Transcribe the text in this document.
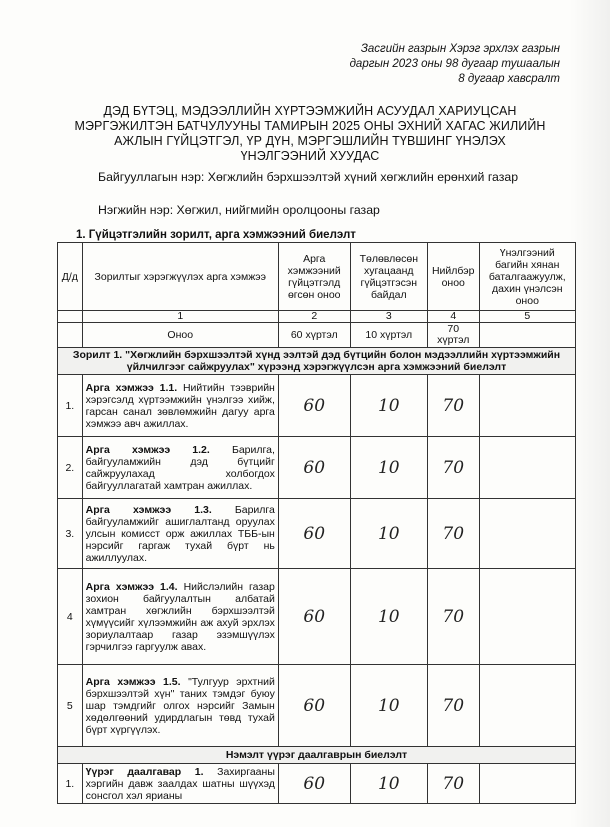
Засгийн газрын Хэрэг эрхлэх газрын
даргын 2023 оны 98 дугаар тушаалын
8 дугаар хавсралт
ДЭД БҮТЭЦ, МЭДЭЭЛЛИЙН ХҮРТЭЭМЖИЙН АСУУДАЛ ХАРИУЦСАН
МЭРГЭЖИЛТЭН БАТЧУЛУУНЫ ТАМИРЫН 2025 ОНЫ ЭХНИЙ ХАГАС ЖИЛИЙН
АЖЛЫН ГҮЙЦЭТГЭЛ, ҮР ДҮН, МЭРГЭШЛИЙН ТҮВШИНГ ҮНЭЛЭХ
ҮНЭЛГЭЭНИЙ ХУУДАС
Байгууллагын нэр: Хөгжлийн бэрхшээлтэй хүний хөгжлийн ерөнхий газар
Нэгжийн нэр: Хөгжил, нийгмийн оролцооны газар
1. Гүйцэтгэлийн зорилт, арга хэмжээний биелэлт
Д/д	Зорилтыг хэрэгжүүлэх арга хэмжээ	Арга хэмжээний гүйцэтгэлд өгсөн оноо	Төлөвлөсөн хугацаанд гүйцэтгэсэн байдал	Нийлбэр оноо	Үнэлгээний багийн хянан баталгаажуулж, дахин үнэлсэн оноо
	1	2	3	4	5
	Оноо	60 хүртэл	10 хүртэл	70 хүртэл	
Зорилт 1. "Хөгжлийн бэрхшээлтэй хүнд ээлтэй дэд бүтцийн болон мэдээллийн хүртээмжийн үйлчилгээг сайжруулах" хүрээнд хэрэгжүүлсэн арга хэмжээний биелэлт					
1.	Арга хэмжээ 1.1. Нийтийн тээврийн хэрэгсэлд хүртээмжийн үнэлгээ хийж, гарсан санал зөвлөмжийн дагуу арга хэмжээ авч ажиллах.	60	10	70	
2.	Арга хэмжээ 1.2. Барилга, байгууламжийн дэд бүтцийг сайжруулахад холбогдох байгууллагатай хамтран ажиллах.	60	10	70	
3.	Арга хэмжээ 1.3. Барилга байгууламжийг ашиглалтанд оруулах улсын комисст орж ажиллах ТББ-ын нэрсийг гаргаж тухай бүрт нь ажиллуулах.	60	10	70	
4	Арга хэмжээ 1.4. Нийслэлийн газар зохион байгуулалтын албатай хамтран хөгжлийн бэрхшээлтэй хүмүүсийг хүлээмжийн аж ахуй эрхлэх зориулалтаар газар эзэмшүүлэх гэрчилгээ гаргуулж авах.	60	10	70	
5	Арга хэмжээ 1.5. "Тулгуур эрхтний бэрхшээлтэй хүн" таних тэмдэг буюу шар тэмдгийг олгох нэрсийг Замын хөдөлгөөний удирдлагын төвд тухай бүрт хүргүүлэх.	60	10	70	
Нэмэлт үүрэг даалгаврын биелэлт					
1.	Үүрэг даалгавар 1. Захиргааны хэргийн давж заалдах шатны шүүхэд сонсгол хэл ярианы	60	10	70	
